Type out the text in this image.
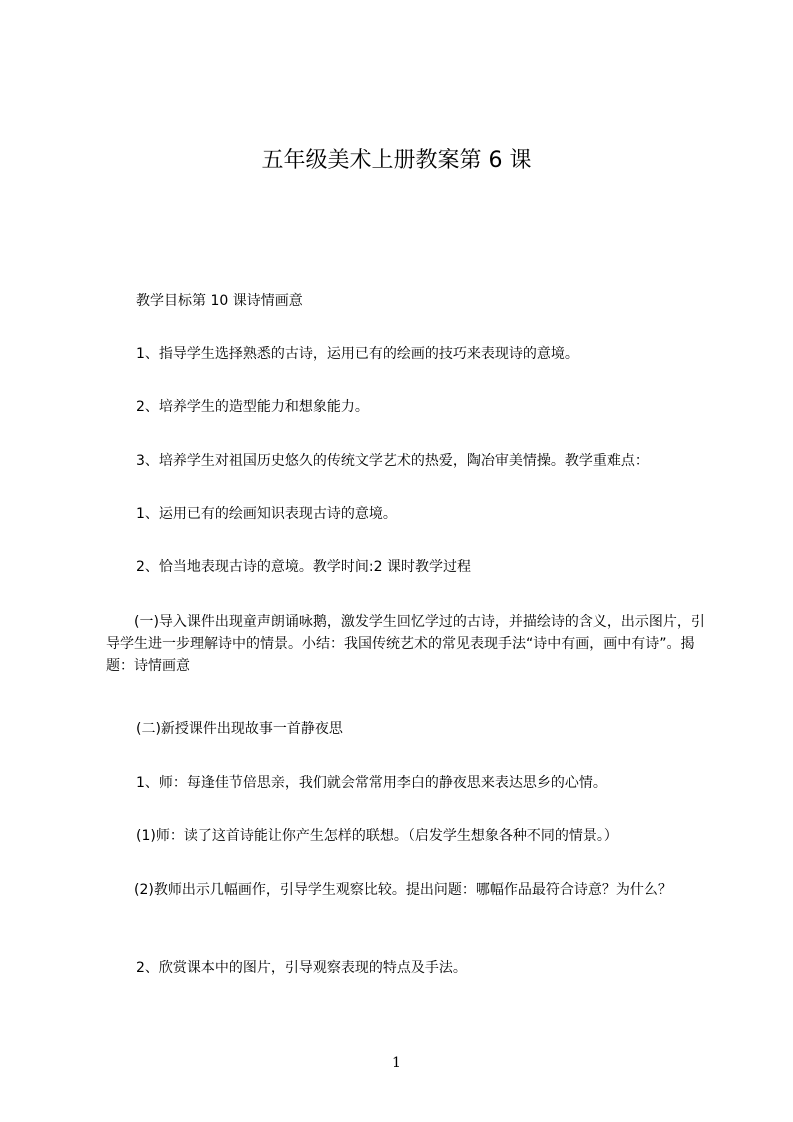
五年级美术上册教案第 6 课
教学目标第 10 课诗情画意
1、指导学生选择熟悉的古诗，运用已有的绘画的技巧来表现诗的意境。
2、培养学生的造型能力和想象能力。
3、培养学生对祖国历史悠久的传统文学艺术的热爱，陶冶审美情操。教学重难点：
1、运用已有的绘画知识表现古诗的意境。
2、恰当地表现古诗的意境。教学时间:2 课时教学过程
(一)导入课件出现童声朗诵咏鹅，激发学生回忆学过的古诗，并描绘诗的含义，出示图片，引导学生进一步理解诗中的情景。小结：我国传统艺术的常见表现手法“诗中有画，画中有诗”。揭题：诗情画意
(二)新授课件出现故事一首静夜思
1、师：每逢佳节倍思亲，我们就会常常用李白的静夜思来表达思乡的心情。
(1)师：读了这首诗能让你产生怎样的联想。（启发学生想象各种不同的情景。）
(2)教师出示几幅画作，引导学生观察比较。提出问题：哪幅作品最符合诗意？为什么？
2、欣赏课本中的图片，引导观察表现的特点及手法。
1
